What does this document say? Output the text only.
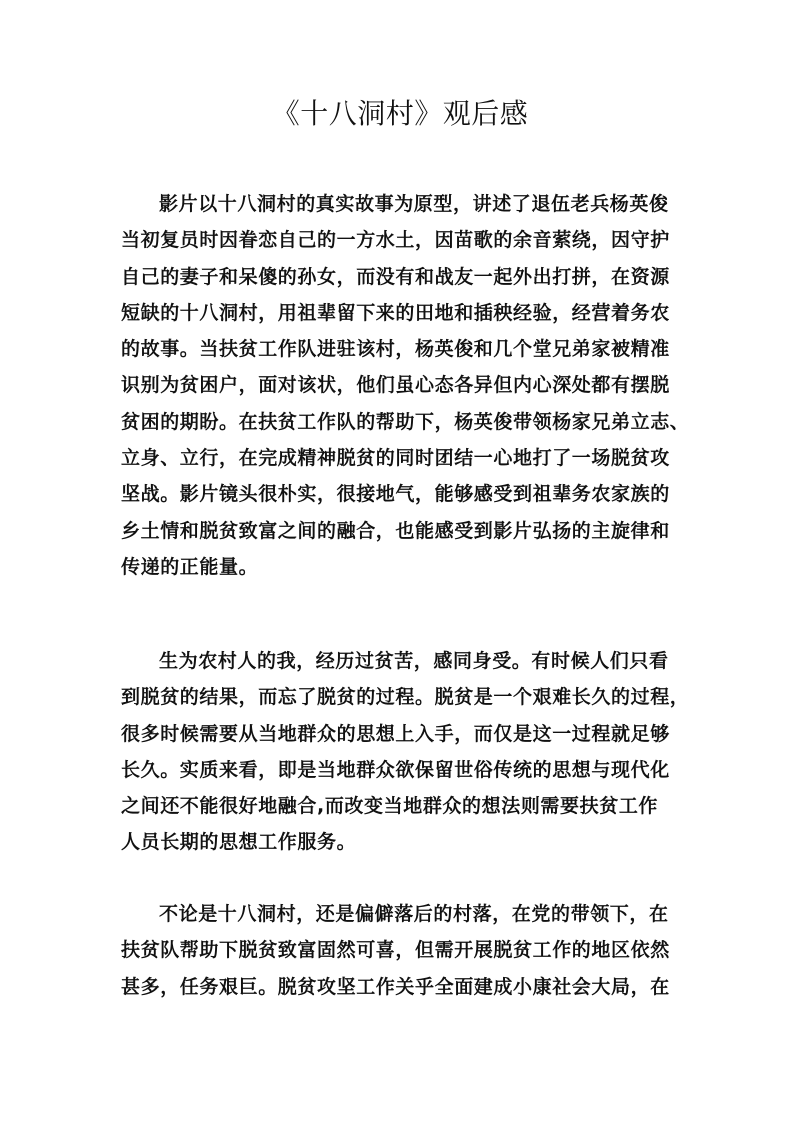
《十八洞村》观后感
影片以十八洞村的真实故事为原型，讲述了退伍老兵杨英俊
当初复员时因眷恋自己的一方水土，因苗歌的余音萦绕，因守护
自己的妻子和呆傻的孙女，而没有和战友一起外出打拼，在资源
短缺的十八洞村，用祖辈留下来的田地和插秧经验，经营着务农
的故事。当扶贫工作队进驻该村，杨英俊和几个堂兄弟家被精准
识别为贫困户，面对该状，他们虽心态各异但内心深处都有摆脱
贫困的期盼。在扶贫工作队的帮助下，杨英俊带领杨家兄弟立志、
立身、立行，在完成精神脱贫的同时团结一心地打了一场脱贫攻
坚战。影片镜头很朴实，很接地气，能够感受到祖辈务农家族的
乡土情和脱贫致富之间的融合，也能感受到影片弘扬的主旋律和
传递的正能量。
生为农村人的我，经历过贫苦，感同身受。有时候人们只看
到脱贫的结果，而忘了脱贫的过程。脱贫是一个艰难长久的过程，
很多时候需要从当地群众的思想上入手，而仅是这一过程就足够
长久。实质来看，即是当地群众欲保留世俗传统的思想与现代化
之间还不能很好地融合,而改变当地群众的想法则需要扶贫工作
人员长期的思想工作服务。
不论是十八洞村，还是偏僻落后的村落，在党的带领下，在
扶贫队帮助下脱贫致富固然可喜，但需开展脱贫工作的地区依然
甚多，任务艰巨。脱贫攻坚工作关乎全面建成小康社会大局，在
